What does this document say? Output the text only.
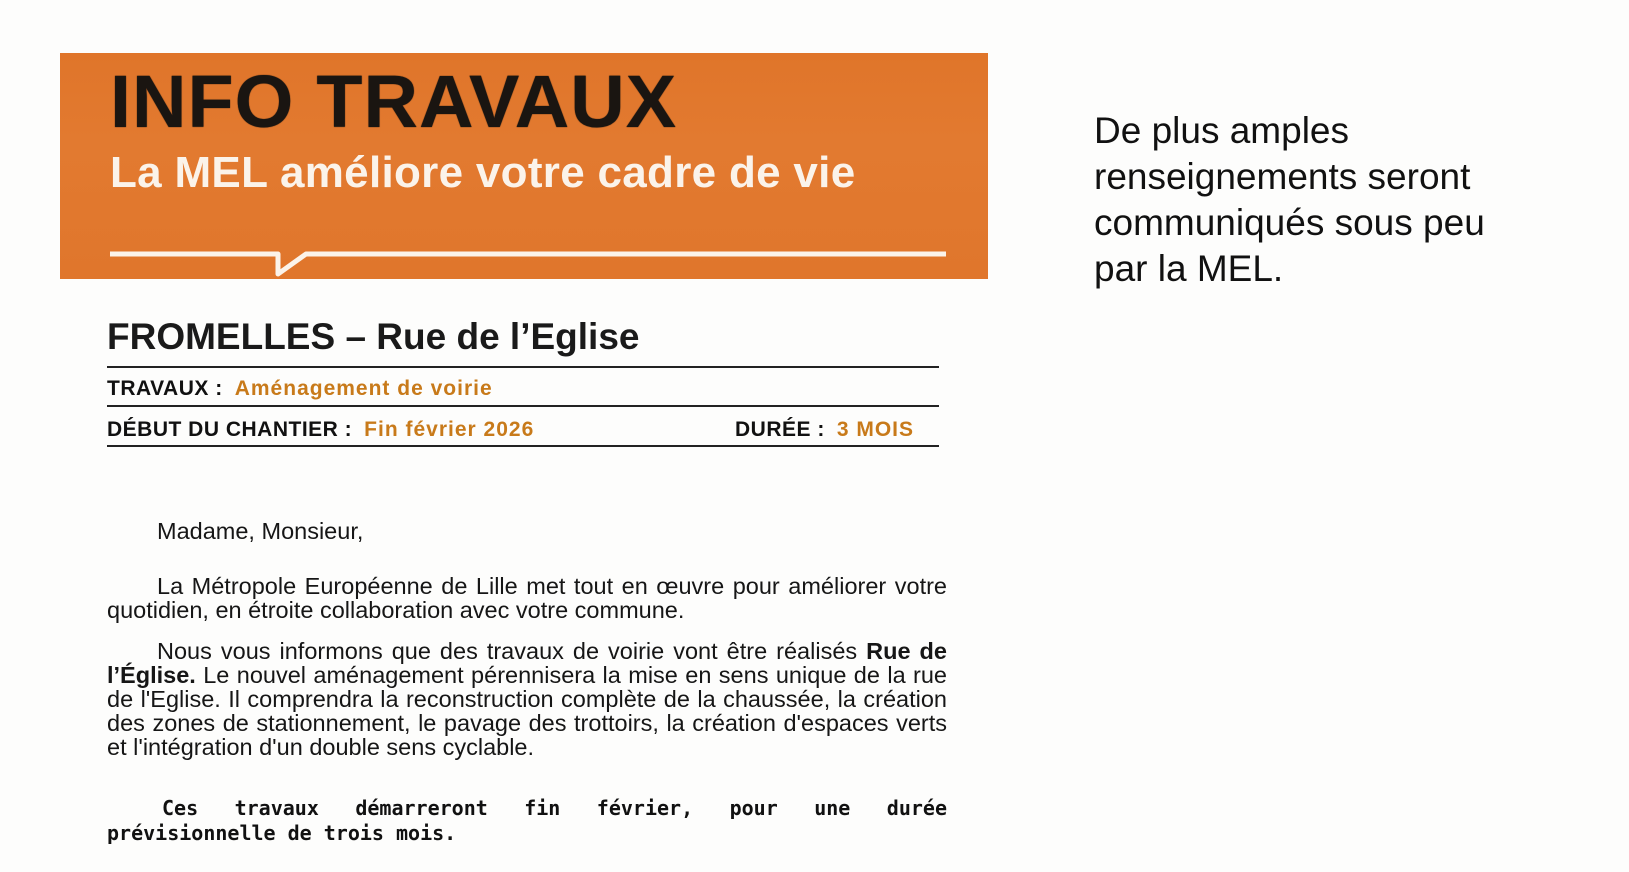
INFO TRAVAUX
La MEL améliore votre cadre de vie
De plus amples renseignements seront communiqués sous peu par la MEL.
FROMELLES – Rue de l’Eglise
TRAVAUX : Aménagement de voirie
DÉBUT DU CHANTIER : Fin février 2026	DURÉE : 3 MOIS
Madame, Monsieur,
La Métropole Européenne de Lille met tout en œuvre pour améliorer votre quotidien, en étroite collaboration avec votre commune.
Nous vous informons que des travaux de voirie vont être réalisés Rue de l’Église. Le nouvel aménagement pérennisera la mise en sens unique de la rue de l'Eglise. Il comprendra la reconstruction complète de la chaussée, la création des zones de stationnement, le pavage des trottoirs, la création d'espaces verts et l'intégration d'un double sens cyclable.
Ces travaux démarreront fin février, pour une durée prévisionnelle de trois mois.
